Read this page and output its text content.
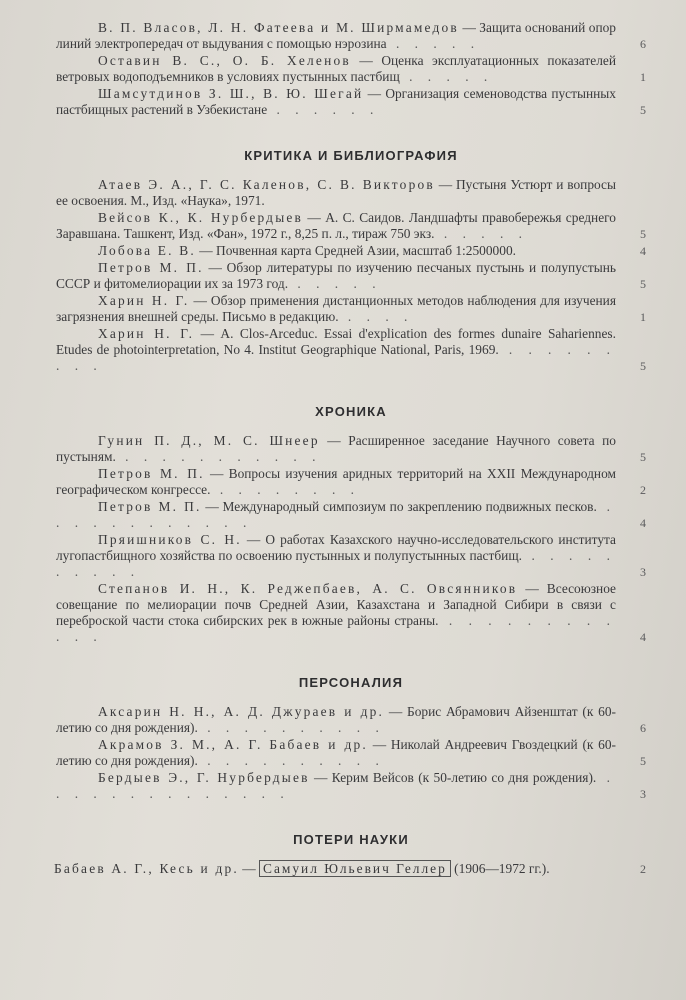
В. П. Власов, Л. Н. Фатеева и М. Ширмамедов — Защита оснований опор линий электропередач от выдувания с помощью нэрозина . . . . .	6
Оставин В. С., О. Б. Хеленов — Оценка эксплуатационных показателей ветровых водоподъемников в условиях пустынных пастбищ . . . . .	1
Шамсутдинов З. Ш., В. Ю. Шегай — Организация семеноводства пустынных пастбищных растений в Узбекистане . . . . . .	5
КРИТИКА И БИБЛИОГРАФИЯ
Атаев Э. А., Г. С. Каленов, С. В. Викторов — Пустыня Устюрт и вопросы ее освоения. М., Изд. «Наука», 1971.
Вейсов К., К. Нурбердыев — А. С. Саидов. Ландшафты правобережья среднего Заравшана. Ташкент, Изд. «Фан», 1972 г., 8,25 п. л., тираж 750 экз. . . . . .	5
Лобова Е. В. — Почвенная карта Средней Азии, масштаб 1:2500000.	4
Петров М. П. — Обзор литературы по изучению песчаных пустынь и полупустынь СССР и фитомелиорации их за 1973 год. . . . . .	5
Харин Н. Г. — Обзор применения дистанционных методов наблюдения для изучения загрязнения внешней среды. Письмо в редакцию. . . . .	1
Харин Н. Г. — A. Clos-Arceduc. Essai d'explication des formes dunaire Sahariennes. Etudes de photointerpretation, No 4. Institut Geographique National, Paris, 1969. . . . . . . . . .	5
ХРОНИКА
Гунин П. Д., М. С. Шнеер — Расширенное заседание Научного совета по пустыням. . . . . . . . . . . .	5
Петров М. П. — Вопросы изучения аридных территорий на XXII Международном географическом конгрессе. . . . . . . . .	2
Петров М. П. — Международный симпозиум по закреплению подвижных песков. . . . . . . . . . . . .	4
Пряишников С. Н. — О работах Казахского научно-исследовательского института лугопастбищного хозяйства по освоению пустынных и полупустынных пастбищ. . . . . . . . . . .	3
Степанов И. Н., К. Реджепбаев, А. С. Овсянников — Всесоюзное совещание по мелиорации почв Средней Азии, Казахстана и Западной Сибири в связи с переброской части стока сибирских рек в южные районы страны. . . . . . . . . . . . .	4
ПЕРСОНАЛИЯ
Аксарин Н. Н., А. Д. Джураев и др. — Борис Абрамович Айзенштат (к 60-летию со дня рождения). . . . . . . . . . .	6
Акрамов З. М., А. Г. Бабаев и др. — Николай Андреевич Гвоздецкий (к 60-летию со дня рождения). . . . . . . . . . .	5
Бердыев Э., Г. Нурбердыев — Керим Вейсов (к 50-летию со дня рождения). . . . . . . . . . . . . . .	3
ПОТЕРИ НАУКИ
Бабаев А. Г., Кесь и др. — Самуил Юльевич Геллер (1906—1972 гг.).	2
